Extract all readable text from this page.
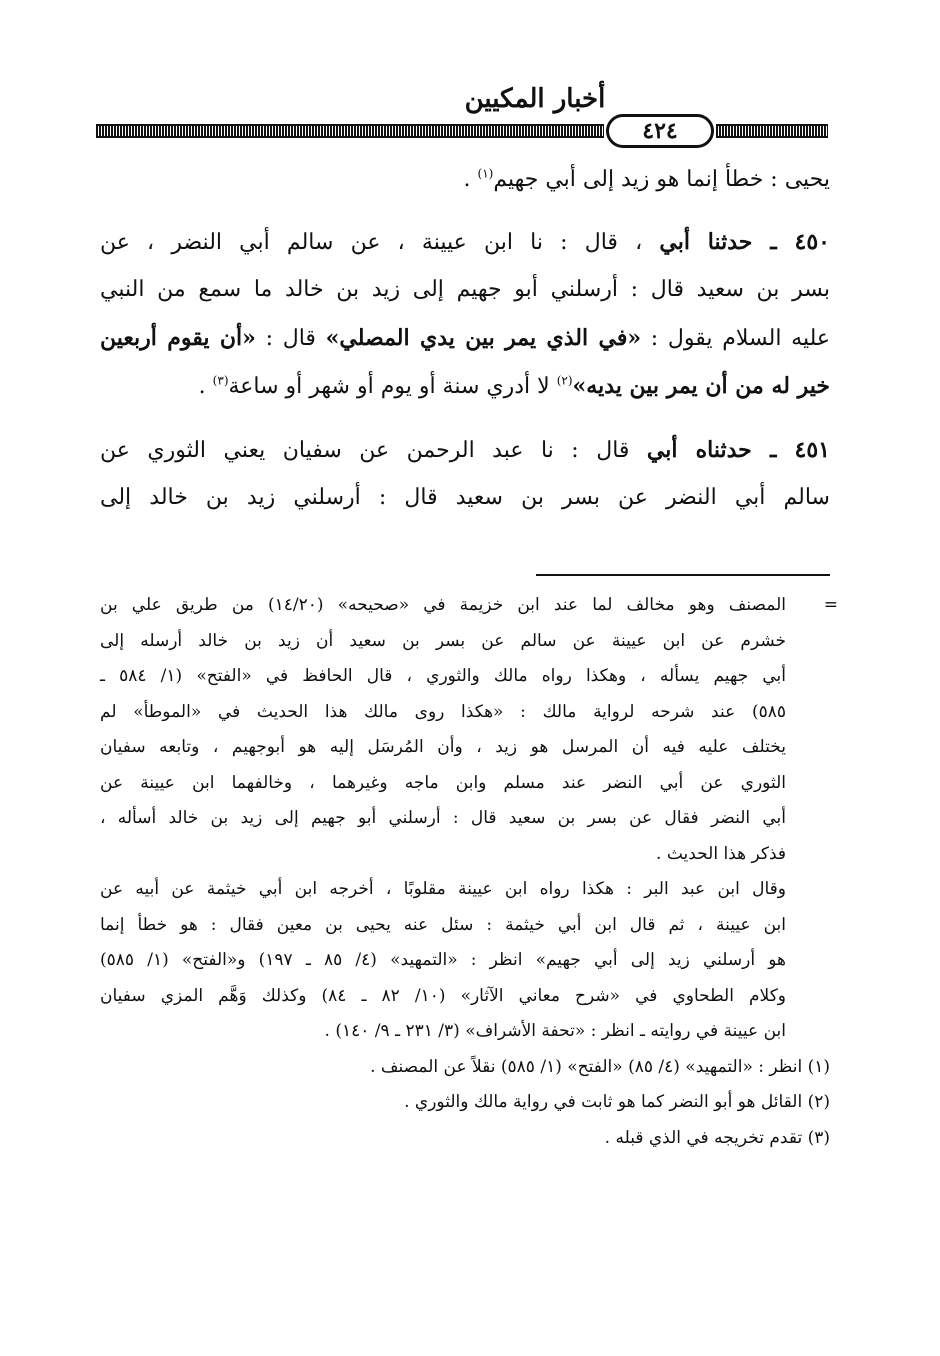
أخبار المكيين
٤٢٤
يحيى : خطأ إنما هو زيد إلى أبي جهيم$^{(١)}$ .
٤٥٠ ـ حدثنا أبي ، قال : نا ابن عيينة ، عن سالم أبي النضر ، عن
بسر بن سعيد قال : أرسلني أبو جهيم إلى زيد بن خالد ما سمع من النبي
عليه السلام يقول : «في الذي يمر بين يدي المصلي» قال : «أن يقوم أربعين
خير له من أن يمر بين يديه»$^{(٢)}$ لا أدري سنة أو يوم أو شهر أو ساعة$^{(٣)}$ .
٤٥١ ـ حدثناه أبي قال : نا عبد الرحمن عن سفيان يعني الثوري عن
سالم أبي النضر عن بسر بن سعيد قال : أرسلني زيد بن خالد إلى
=
المصنف وهو مخالف لما عند ابن خزيمة في «صحيحه» (١٤/٢٠) من طريق علي بن
خشرم عن ابن عيينة عن سالم عن بسر بن سعيد أن زيد بن خالد أرسله إلى
أبي جهيم يسأله ، وهكذا رواه مالك والثوري ، قال الحافظ في «الفتح» (١/ ٥٨٤ ـ
٥٨٥) عند شرحه لرواية مالك : «هكذا روى مالك هذا الحديث في «الموطأ» لم
يختلف عليه فيه أن المرسل هو زيد ، وأن المُرسَل إليه هو أبوجهيم ، وتابعه سفيان
الثوري عن أبي النضر عند مسلم وابن ماجه وغيرهما ، وخالفهما ابن عيينة عن
أبي النضر فقال عن بسر بن سعيد قال : أرسلني أبو جهيم إلى زيد بن خالد أسأله ،
فذكر هذا الحديث .
وقال ابن عبد البر : هكذا رواه ابن عيينة مقلوبًا ، أخرجه ابن أبي خيثمة عن أبيه عن
ابن عيينة ، ثم قال ابن أبي خيثمة : سئل عنه يحيى بن معين فقال : هو خطأ إنما
هو أرسلني زيد إلى أبي جهيم» انظر : «التمهيد» (٤/ ٨٥ ـ ١٩٧) و«الفتح» (١/ ٥٨٥)
وكلام الطحاوي في «شرح معاني الآثار» (١٠/ ٨٢ ـ ٨٤) وكذلك وَهَّم المزي سفيان
ابن عيينة في روايته ـ انظر : «تحفة الأشراف» (٣/ ٢٣١ ـ ٩/ ١٤٠) .
(١) انظر : «التمهيد» (٤/ ٨٥) «الفتح» (١/ ٥٨٥) نقلاً عن المصنف .
(٢) القائل هو أبو النضر كما هو ثابت في رواية مالك والثوري .
(٣) تقدم تخريجه في الذي قبله .
